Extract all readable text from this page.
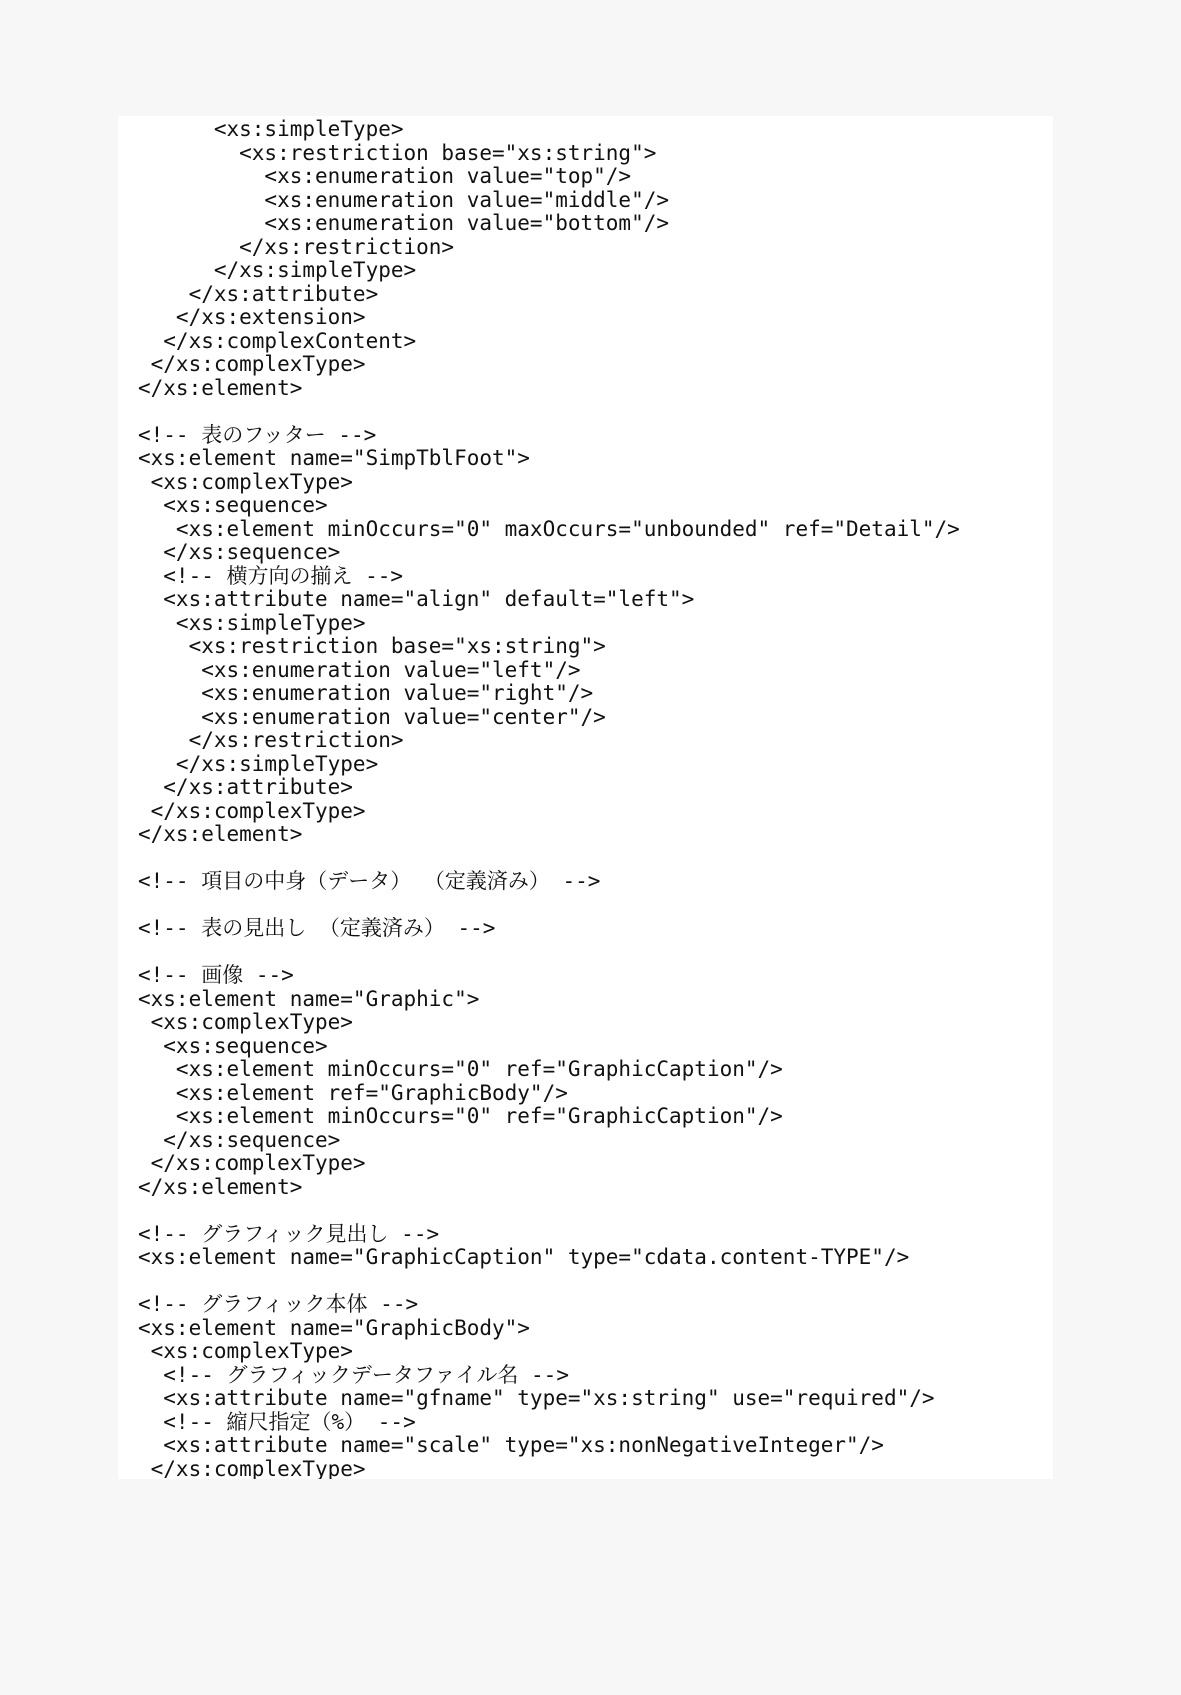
<xs:simpleType>
<xs:restriction base="xs:string">
<xs:enumeration value="top"/>
<xs:enumeration value="middle"/>
<xs:enumeration value="bottom"/>
</xs:restriction>
</xs:simpleType>
</xs:attribute>
</xs:extension>
</xs:complexContent>
</xs:complexType>
</xs:element>
<!-- 表のフッター -->
<xs:element name="SimpTblFoot">
<xs:complexType>
<xs:sequence>
<xs:element minOccurs="0" maxOccurs="unbounded" ref="Detail"/>
</xs:sequence>
<!-- 横方向の揃え -->
<xs:attribute name="align" default="left">
<xs:simpleType>
<xs:restriction base="xs:string">
<xs:enumeration value="left"/>
<xs:enumeration value="right"/>
<xs:enumeration value="center"/>
</xs:restriction>
</xs:simpleType>
</xs:attribute>
</xs:complexType>
</xs:element>
<!-- 項目の中身（データ） （定義済み） -->
<!-- 表の見出し （定義済み） -->
<!-- 画像 -->
<xs:element name="Graphic">
<xs:complexType>
<xs:sequence>
<xs:element minOccurs="0" ref="GraphicCaption"/>
<xs:element ref="GraphicBody"/>
<xs:element minOccurs="0" ref="GraphicCaption"/>
</xs:sequence>
</xs:complexType>
</xs:element>
<!-- グラフィック見出し -->
<xs:element name="GraphicCaption" type="cdata.content-TYPE"/>
<!-- グラフィック本体 -->
<xs:element name="GraphicBody">
<xs:complexType>
<!-- グラフィックデータファイル名 -->
<xs:attribute name="gfname" type="xs:string" use="required"/>
<!-- 縮尺指定（%） -->
<xs:attribute name="scale" type="xs:nonNegativeInteger"/>
</xs:complexType>
